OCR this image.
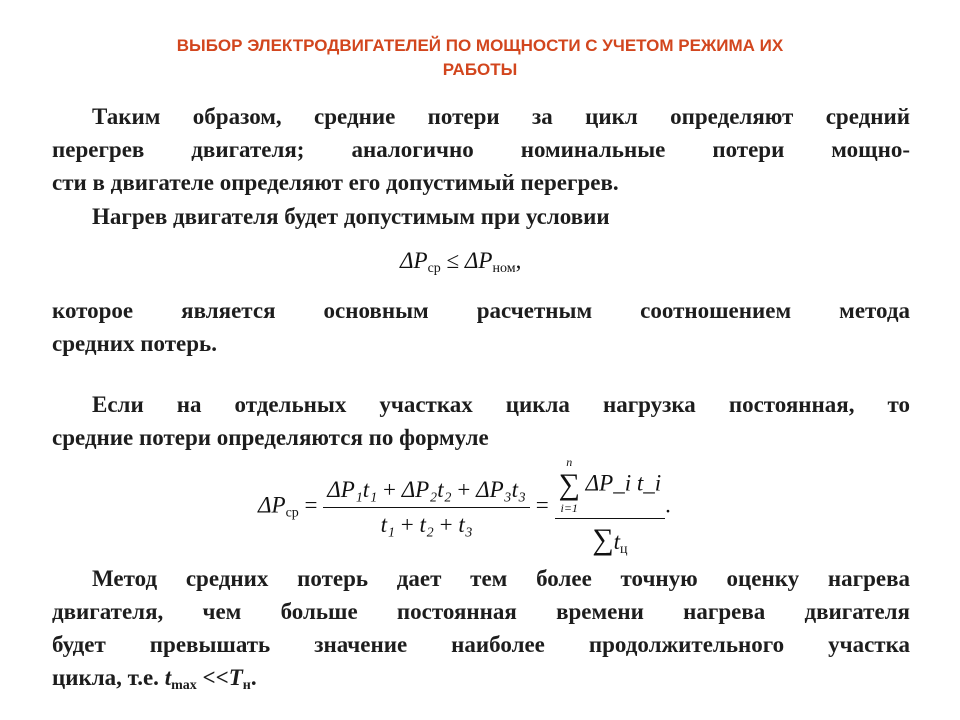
ВЫБОР ЭЛЕКТРОДВИГАТЕЛЕЙ ПО МОЩНОСТИ С УЧЕТОМ РЕЖИМА ИХ
РАБОТЫ
Таким образом, средние потери за цикл определяют средний
перегрев двигателя; аналогично номинальные потери мощно-
сти в двигателе определяют его допустимый перегрев.
Нагрев двигателя будет допустимым при условии
$\Delta P_{ср} \le \Delta P_{ном}$,
которое является основным расчетным соотношением метода
средних потерь.
Если на отдельных участках цикла нагрузка постоянная, то
средние потери определяются по формуле
$\Delta P_{ср} = \frac{\text{ΔP₁t₁ + ΔP₂t₂ + ΔP₃t₃}}{\text{t₁ + t₂ + t₃}} = n$
∑
i=1
ΔP_i t_i
$\sum t_ц$ .
Метод средних потерь дает тем более точную оценку нагрева
двигателя, чем больше постоянная времени нагрева двигателя
будет превышать значение наиболее продолжительного участка
цикла, т.е. $t_{max} <<T_н$.
